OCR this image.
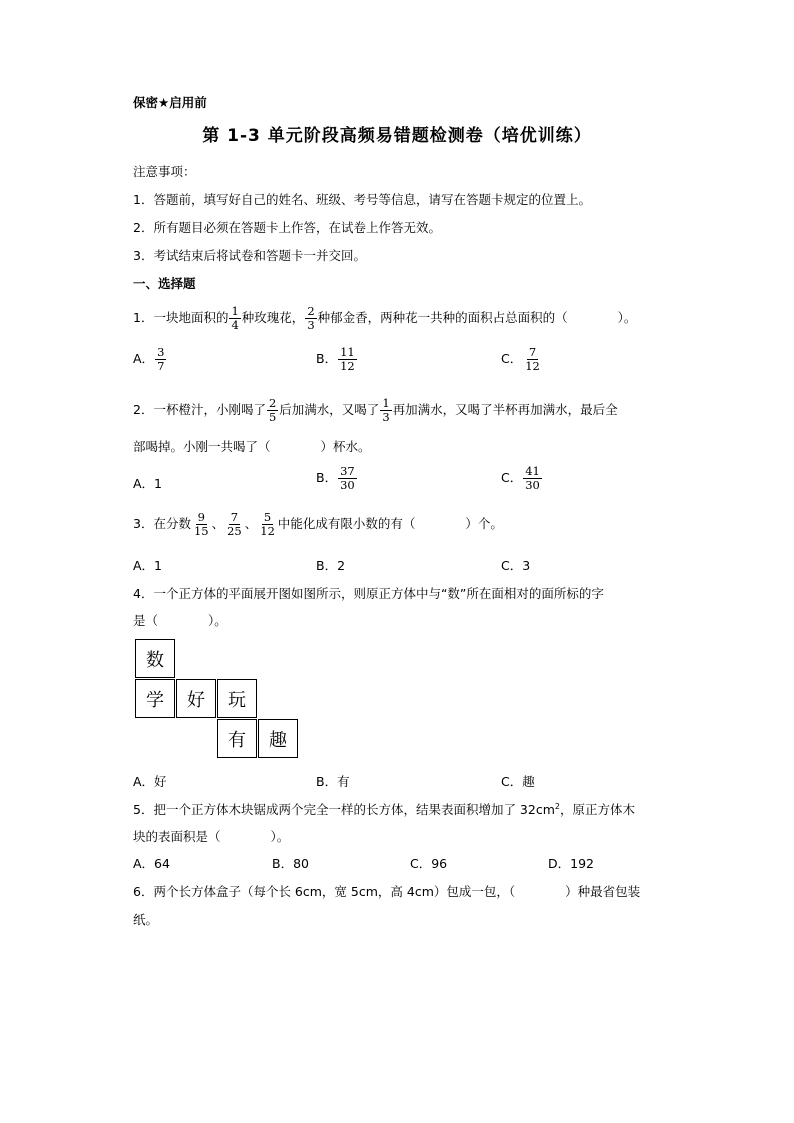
保密★启用前
第 1-3 单元阶段高频易错题检测卷（培优训练）
注意事项：
1．答题前，填写好自己的姓名、班级、考号等信息，请写在答题卡规定的位置上。
2．所有题目必须在答题卡上作答，在试卷上作答无效。
3．考试结束后将试卷和答题卡一并交回。
一、选择题
1．一块地面积的 $\frac{1}{4}$ 种玫瑰花， $\frac{2}{3}$ 种郁金香，两种花一共种的面积占总面积的（　　　　）。
A． $\frac{3}{7}$	B． $\frac{11}{12}$	C． $\frac{7}{12}$
2．一杯橙汁，小刚喝了 $\frac{2}{5}$ 后加满水，又喝了 $\frac{1}{3}$ 再加满水，又喝了半杯再加满水，最后全
部喝掉。小刚一共喝了（　　　　）杯水。
A．1	B． $\frac{37}{30}$	C． $\frac{41}{30}$
3．在分数 $\frac{9}{15}$ 、 $\frac{7}{25}$ 、 $\frac{5}{12}$ 中能化成有限小数的有（　　　　）个。
A．1	B．2	C．3
4．一个正方体的平面展开图如图所示，则原正方体中与“数”所在面相对的面所标的字
是（　　　　）。
数
学	好	玩
有	趣
A．好	B．有	C．趣
5．把一个正方体木块锯成两个完全一样的长方体，结果表面积增加了 $32cm^2$，原正方体木
块的表面积是（　　　　）。
A．64	B．80	C．96	D．192
6．两个长方体盒子（每个长 6cm，宽 5cm，高 4cm）包成一包，（　　　　）种最省包装
纸。
